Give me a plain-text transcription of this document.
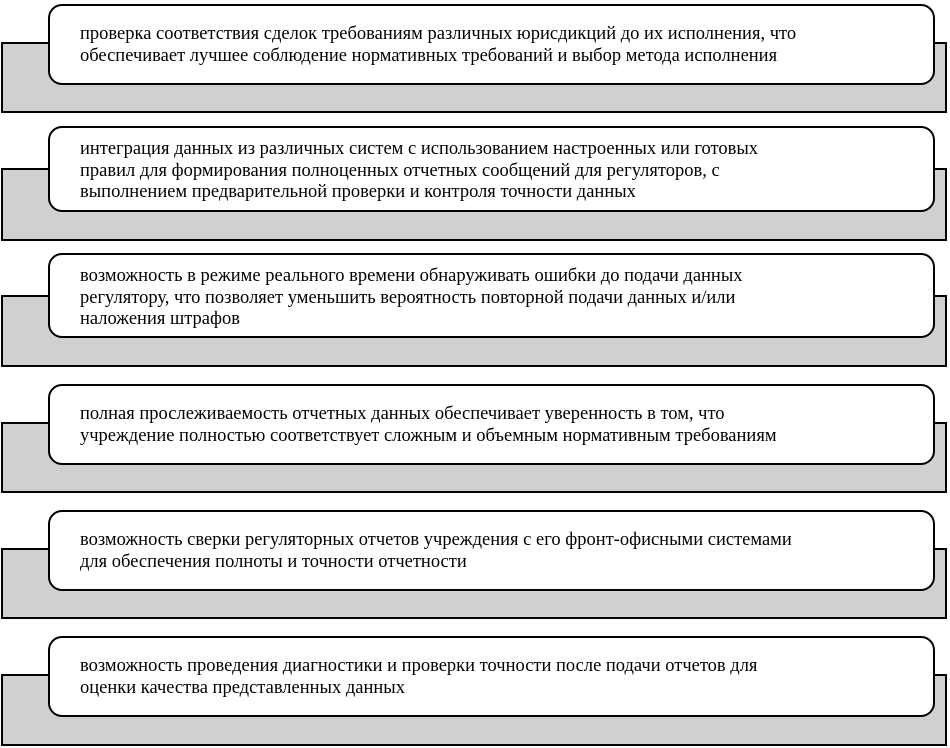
проверка соответствия сделок требованиям различных юрисдикций до их исполнения, что
обеспечивает лучшее соблюдение нормативных требований и выбор метода исполнения
интеграция данных из различных систем с использованием настроенных или готовых
правил для формирования полноценных отчетных сообщений для регуляторов, с
выполнением предварительной проверки и контроля точности данных
возможность в режиме реального времени обнаруживать ошибки до подачи данных
регулятору, что позволяет уменьшить вероятность повторной подачи данных и/или
наложения штрафов
полная прослеживаемость отчетных данных обеспечивает уверенность в том, что
учреждение полностью соответствует сложным и объемным нормативным требованиям
возможность сверки регуляторных отчетов учреждения с его фронт-офисными системами
для обеспечения полноты и точности отчетности
возможность проведения диагностики и проверки точности после подачи отчетов для
оценки качества представленных данных
